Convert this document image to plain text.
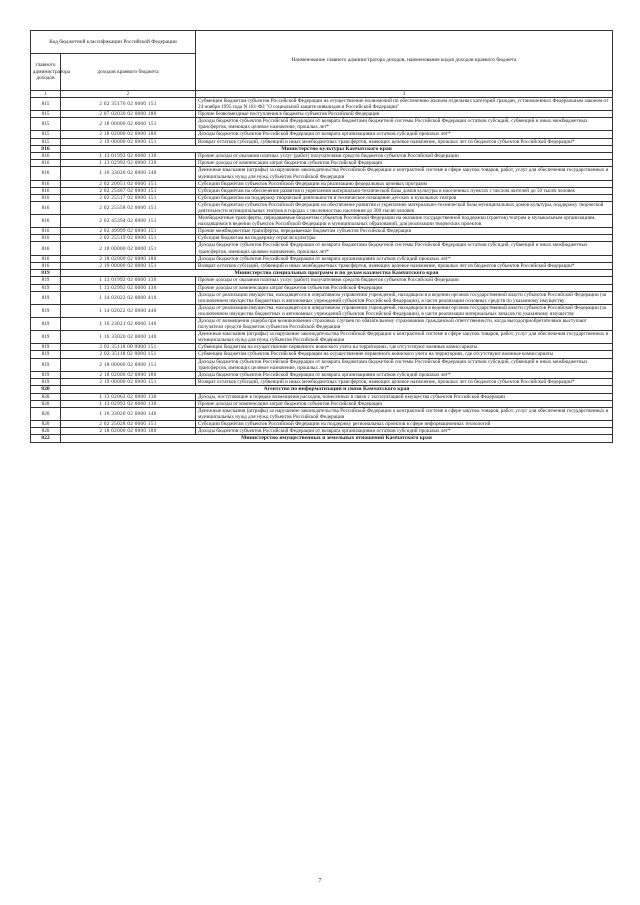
Код бюджетной классификации Российской Федерации		Наименование главного администратора доходов, наименование кодов доходов краевого бюджета
главного администратора доходов	доходов краевого бюджета	
1	2	3
815	2 02 35176 02 0000 151	Субвенции бюджетам субъектов Российской Федерации на осуществление полномочий по обеспечению жильем отдельных категорий граждан, установленных Федеральным законом от 24 ноября 1995 года N 181-ФЗ "О социальной защите инвалидов в Российской Федерации"
815	2 07 02030 02 0000 180	Прочие безвозмездные поступления в бюджеты субъектов Российской Федерации
815	2 18 00000 02 0000 151	Доходы бюджетов субъектов Российской Федерации от возврата бюджетами бюджетной системы Российской Федерации остатков субсидий, субвенций и иных межбюджетных трансфертов, имеющих целевое назначение, прошлых лет*
815	2 18 02000 02 0000 180	Доходы бюджетов субъектов Российской Федерации от возврата организациями остатков субсидий прошлых лет*
815	2 19 00000 02 0000 151	Возврат остатков субсидий, субвенций и иных межбюджетных трансфертов, имеющих целевое назначение, прошлых лет из бюджетов субъектов Российской Федерации*
816	Министерство культуры Камчатского края	
816	1 13 01992 02 0000 130	Прочие доходы от оказания платных услуг (работ) получателями средств бюджетов субъектов Российской Федерации
816	1 13 02992 02 0000 130	Прочие доходы от компенсации затрат бюджетов субъектов Российской Федерации
816	1 16 33020 02 0000 140	Денежные взыскания (штрафы) за нарушение законодательства Российской Федерации о контрактной системе в сфере закупок товаров, работ, услуг для обеспечения государственных и муниципальных нужд для нужд субъектов Российской Федерации
816	2 02 20051 02 0000 151	Субсидии бюджетам субъектов Российской Федерации на реализацию федеральных целевых программ
816	2 02 25467 02 0000 151	Субсидии бюджетам на обеспечение развития и укрепления материально-технической базы домов культуры в населенных пунктах с числом жителей до 50 тысяч человек
816	2 02 25517 02 0000 151	Субсидии бюджетам на поддержку творческой деятельности и техническое оснащение детских и кукольных театров
816	2 02 25558 02 0000 151	Субсидии бюджетам субъектов Российской Федерации на обеспечение развития и укрепление материально-технической базы муниципальных домов культуры, поддержку творческой деятельности муниципальных театров в городах с численностью населения до 300 тысяч человек
816	2 02 45394 02 0000 151	Межбюджетные трансферты, передаваемые бюджетам субъектов Российской Федерации на оказание государственной поддержки (грантов) театрам и музыкальным организациям, находящимся в ведении субъектов Российской Федерации и муниципальных образований, для реализации творческих проектов
816	2 02 49999 02 0000 151	Прочие межбюджетные трансферты, передаваемые бюджетам субъектов Российской Федерации
816	2 02 25519 02 0000 151	Субсидия бюджетам на поддержку отрасли культуры
816	2 18 00000 02 0000 151	Доходы бюджетов субъектов Российской Федерации от возврата бюджетами бюджетной системы Российской Федерации остатков субсидий, субвенций и иных межбюджетных трансфертов, имеющих целевое назначение, прошлых лет*
816	2 18 02000 02 0000 180	Доходы бюджетов субъектов Российской Федерации от возврата организациями остатков субсидий прошлых лет*
816	2 19 00000 02 0000 151	Возврат остатков субсидий, субвенций и иных межбюджетных трансфертов, имеющих целевое назначение, прошлых лет из бюджетов субъектов Российской Федерации*
819	Министерство специальных программ и по делам казачества Камчатского края	
819	1 13 01992 02 0000 130	Прочие доходы от оказания платных услуг (работ) получателями средств бюджетов субъектов Российской Федерации
819	1 13 02992 02 0000 130	Прочие доходы от компенсации затрат бюджетов субъектов Российской Федерации
819	1 14 02022 02 0000 410	Доходы от реализации имущества, находящегося в оперативном управлении учреждений, находящихся в ведении органов государственной власти субъектов Российской Федерации (за исключением имущества бюджетных и автономных учреждений субъектов Российской Федерации), в части реализации основных средств по указанному имуществу
819	1 14 02022 02 0000 440	Доходы от реализации имущества, находящегося в оперативном управлении учреждений, находящихся в ведении органов государственной власти субъектов Российской Федерации (за исключением имущества бюджетных и автономных учреждений субъектов Российской Федерации), в части реализации материальных запасов по указанному имуществу
819	1 16 23021 02 0000 140	Доходы от возмещения ущерба при возникновении страховых случаев по обязательному страхованию гражданской ответственности, когда выгодоприобретателями выступают получатели средств бюджетов субъектов Российской Федерации
819	1 16 33020 02 0000 140	Денежные взыскания (штрафы) за нарушение законодательства Российской Федерации о контрактной системе в сфере закупок товаров, работ, услуг для обеспечения государственных и муниципальных нужд для нужд субъектов Российской Федерации
819	2 02 35118 00 0000 151	Субвенции бюджетам на осуществление первичного воинского учета на территориях, где отсутствуют военные комиссариаты
819	2 02 35118 02 0000 151	Субвенции бюджетам субъектов Российской Федерации на осуществление первичного воинского учета на территориях, где отсутствуют военные комиссариаты
819	2 18 00000 02 0000 151	Доходы бюджетов субъектов Российской Федерации от возврата бюджетами бюджетной системы Российской Федерации остатков субсидий, субвенций и иных межбюджетных трансфертов, имеющих целевое назначение, прошлых лет*
819	2 18 02000 02 0000 180	Доходы бюджетов субъектов Российской Федерации от возврата организациями остатков субсидий прошлых лет*
819	2 19 00000 02 0000 151	Возврат остатков субсидий, субвенций и иных межбюджетных трансфертов, имеющих целевое назначение, прошлых лет из бюджетов субъектов Российской Федерации*
820	Агентство по информатизации и связи Камчатского края	
820	1 13 02062 02 0000 130	Доходы, поступающие в порядке возмещения расходов, понесенных в связи с эксплуатацией имущества субъектов Российской Федерации
820	1 13 02992 02 0000 130	Прочие доходы от компенсации затрат бюджетов субъектов Российской Федерации
820	1 16 33020 02 0000 140	Денежные взыскания (штрафы) за нарушение законодательства Российской Федерации о контрактной системе в сфере закупок товаров, работ, услуг для обеспечения государственных и муниципальных нужд для нужд субъектов Российской Федерации
820	2 02 25028 02 0000 151	Субсидии бюджетам субъектов Российской Федерации на поддержку региональных проектов в сфере информационных технологий
820	2 18 02000 02 0000 180	Доходы бюджетов субъектов Российской Федерации от возврата организациями остатков субсидий прошлых лет*
822	Министерство имущественных и земельных отношений Камчатского края	
7
